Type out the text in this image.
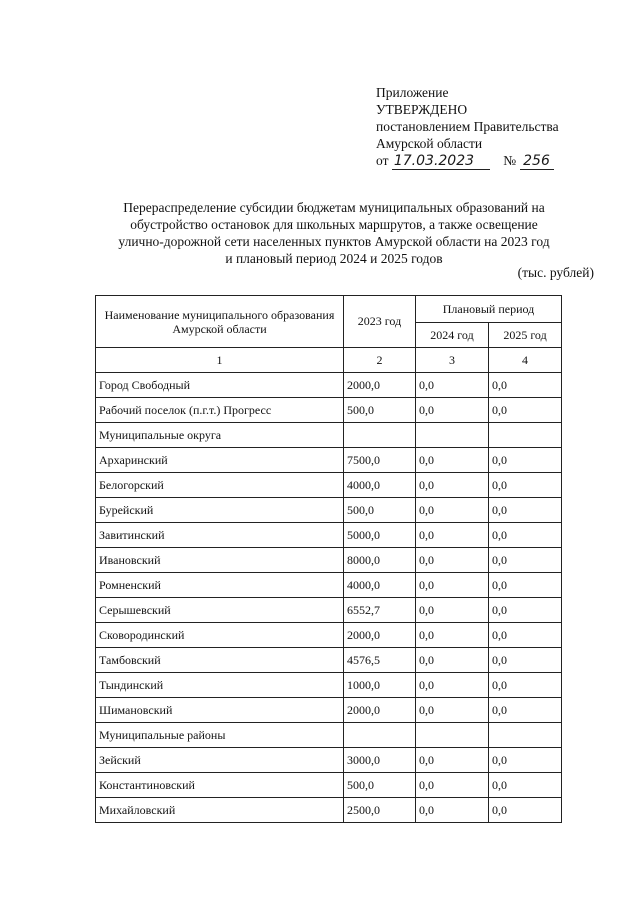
Приложение
УТВЕРЖДЕНО
постановлением Правительства
Амурской области
от 17.03.2023 № 256
Перераспределение субсидии бюджетам муниципальных образований на
обустройство остановок для школьных маршрутов, а также освещение
улично-дорожной сети населенных пунктов Амурской области на 2023 год
и плановый период 2024 и 2025 годов
(тыс. рублей)
Наименование муниципального образования Амурской области	2023 год	Плановый период	
		2024 год	2025 год
1	2	3	4
Город Свободный	2000,0	0,0	0,0
Рабочий поселок (п.г.т.) Прогресс	500,0	0,0	0,0
Муниципальные округа			
Архаринский	7500,0	0,0	0,0
Белогорский	4000,0	0,0	0,0
Бурейский	500,0	0,0	0,0
Завитинский	5000,0	0,0	0,0
Ивановский	8000,0	0,0	0,0
Ромненский	4000,0	0,0	0,0
Серышевский	6552,7	0,0	0,0
Сковородинский	2000,0	0,0	0,0
Тамбовский	4576,5	0,0	0,0
Тындинский	1000,0	0,0	0,0
Шимановский	2000,0	0,0	0,0
Муниципальные районы			
Зейский	3000,0	0,0	0,0
Константиновский	500,0	0,0	0,0
Михайловский	2500,0	0,0	0,0
